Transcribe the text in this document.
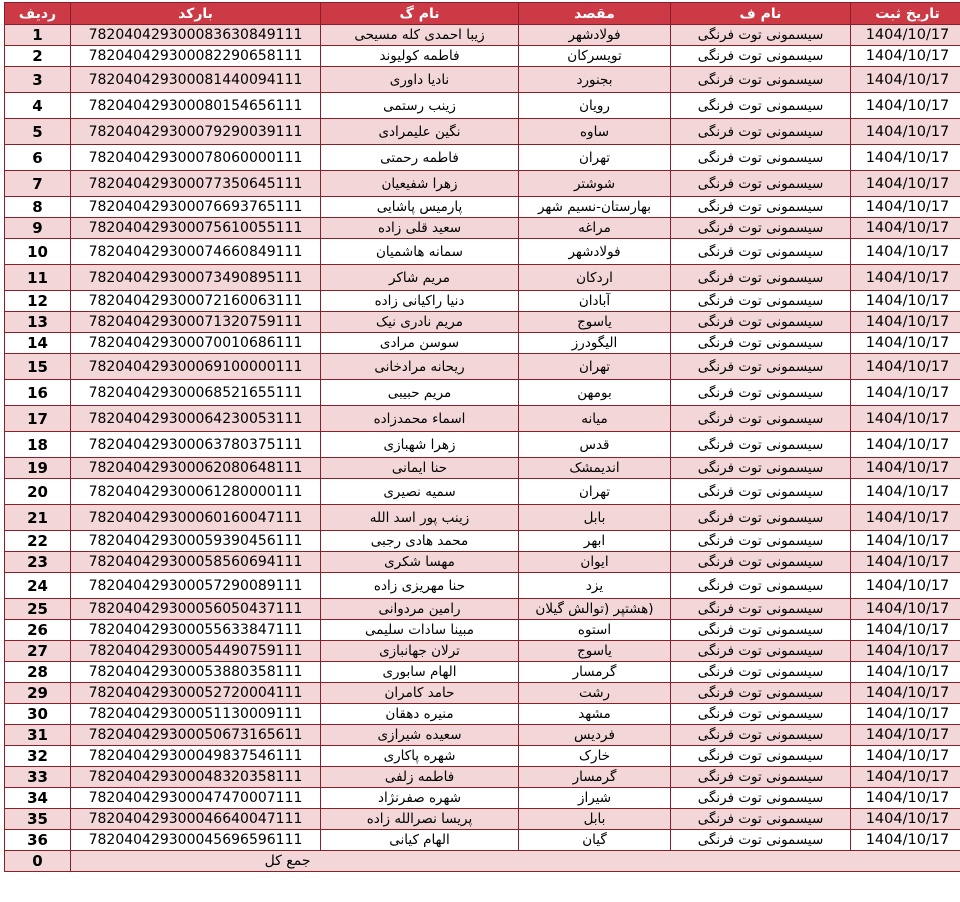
ردیف	بارکد	نام گ	مقصد	نام ف	تاریخ ثبت
1	782040429300083630849111	زیبا احمدی کله مسیحی	فولادشهر	سیسمونی توت فرنگی	1404/10/17
2	782040429300082290658111	فاطمه کولیوند	تویسرکان	سیسمونی توت فرنگی	1404/10/17
3	782040429300081440094111	نادیا داوری	بجنورد	سیسمونی توت فرنگی	1404/10/17
4	782040429300080154656111	زینب رستمی	رویان	سیسمونی توت فرنگی	1404/10/17
5	782040429300079290039111	نگین علیمرادی	ساوه	سیسمونی توت فرنگی	1404/10/17
6	782040429300078060000111	فاطمه رحمتی	تهران	سیسمونی توت فرنگی	1404/10/17
7	782040429300077350645111	زهرا شفیعیان	شوشتر	سیسمونی توت فرنگی	1404/10/17
8	782040429300076693765111	پارمیس پاشایی	بهارستان-نسیم شهر	سیسمونی توت فرنگی	1404/10/17
9	782040429300075610055111	سعید قلی زاده	مراغه	سیسمونی توت فرنگی	1404/10/17
10	782040429300074660849111	سمانه هاشمیان	فولادشهر	سیسمونی توت فرنگی	1404/10/17
11	782040429300073490895111	مریم شاکر	اردکان	سیسمونی توت فرنگی	1404/10/17
12	782040429300072160063111	دنیا راکیانی زاده	آبادان	سیسمونی توت فرنگی	1404/10/17
13	782040429300071320759111	مریم نادری نیک	یاسوج	سیسمونی توت فرنگی	1404/10/17
14	782040429300070010686111	سوسن مرادی	الیگودرز	سیسمونی توت فرنگی	1404/10/17
15	782040429300069100000111	ریحانه مرادخانی	تهران	سیسمونی توت فرنگی	1404/10/17
16	782040429300068521655111	مریم حبیبی	بومهن	سیسمونی توت فرنگی	1404/10/17
17	782040429300064230053111	اسماء محمدزاده	میانه	سیسمونی توت فرنگی	1404/10/17
18	782040429300063780375111	زهرا شهبازی	قدس	سیسمونی توت فرنگی	1404/10/17
19	782040429300062080648111	حنا ایمانی	اندیمشک	سیسمونی توت فرنگی	1404/10/17
20	782040429300061280000111	سمیه نصیری	تهران	سیسمونی توت فرنگی	1404/10/17
21	782040429300060160047111	زینب پور اسد الله	بابل	سیسمونی توت فرنگی	1404/10/17
22	782040429300059390456111	محمد هادی رجبی	ابهر	سیسمونی توت فرنگی	1404/10/17
23	782040429300058560694111	مهسا شکری	ایوان	سیسمونی توت فرنگی	1404/10/17
24	782040429300057290089111	حنا مهریزی زاده	یزد	سیسمونی توت فرنگی	1404/10/17
25	782040429300056050437111	رامین مردوانی	(هشتپر (توالش گیلان	سیسمونی توت فرنگی	1404/10/17
26	782040429300055633847111	مبینا سادات سلیمی	استوه	سیسمونی توت فرنگی	1404/10/17
27	782040429300054490759111	ترلان جهانبازی	یاسوج	سیسمونی توت فرنگی	1404/10/17
28	782040429300053880358111	الهام سابوری	گرمسار	سیسمونی توت فرنگی	1404/10/17
29	782040429300052720004111	حامد کامران	رشت	سیسمونی توت فرنگی	1404/10/17
30	782040429300051130009111	منیره دهقان	مشهد	سیسمونی توت فرنگی	1404/10/17
31	782040429300050673165611	سعیده شیرازی	فردیس	سیسمونی توت فرنگی	1404/10/17
32	782040429300049837546111	شهره پاکاری	خارک	سیسمونی توت فرنگی	1404/10/17
33	782040429300048320358111	فاطمه زلفی	گرمسار	سیسمونی توت فرنگی	1404/10/17
34	782040429300047470007111	شهره صفرنژاد	شیراز	سیسمونی توت فرنگی	1404/10/17
35	782040429300046640047111	پریسا نصرالله زاده	بابل	سیسمونی توت فرنگی	1404/10/17
36	782040429300045696596111	الهام کیانی	گیان	سیسمونی توت فرنگی	1404/10/17
0	جمع کل				
